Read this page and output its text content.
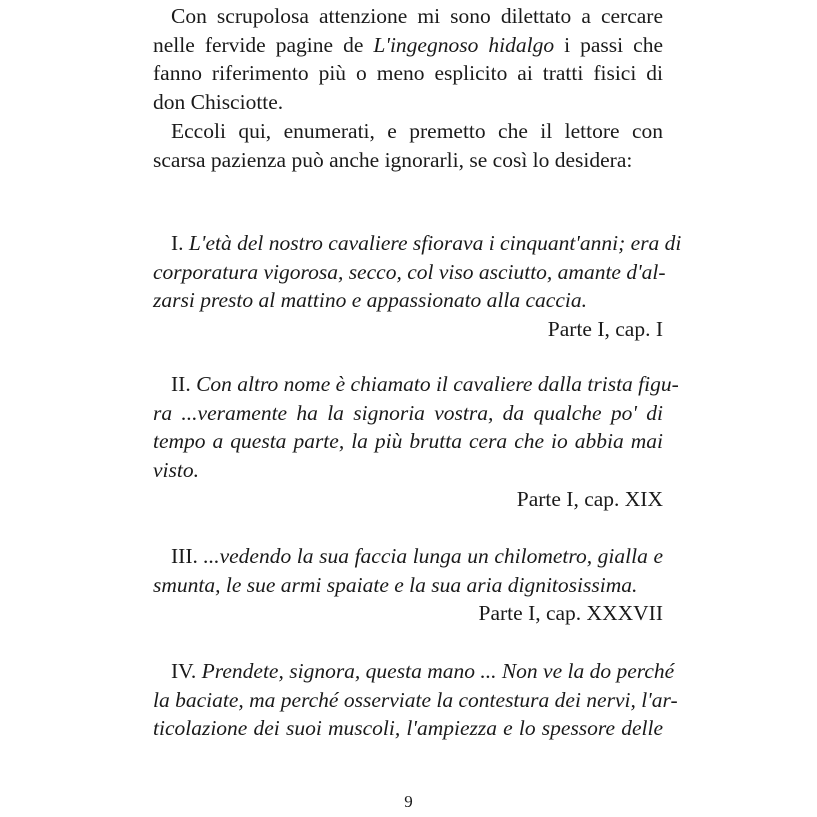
Con scrupolosa attenzione mi sono dilettato a cercare
nelle fervide pagine de L'ingegnoso hidalgo i passi che
fanno riferimento più o meno esplicito ai tratti fisici di
don Chisciotte.
Eccoli qui, enumerati, e premetto che il lettore con
scarsa pazienza può anche ignorarli, se così lo desidera:
I. L'età del nostro cavaliere sfiorava i cinquant'anni; era di
corporatura vigorosa, secco, col viso asciutto, amante d'al-
zarsi presto al mattino e appassionato alla caccia.
Parte I, cap. I
II. Con altro nome è chiamato il cavaliere dalla trista figu-
ra ...veramente ha la signoria vostra, da qualche po' di
tempo a questa parte, la più brutta cera che io abbia mai
visto.
Parte I, cap. XIX
III. ...vedendo la sua faccia lunga un chilometro, gialla e
smunta, le sue armi spaiate e la sua aria dignitosissima.
Parte I, cap. XXXVII
IV. Prendete, signora, questa mano ... Non ve la do perché
la baciate, ma perché osserviate la contestura dei nervi, l'ar-
ticolazione dei suoi muscoli, l'ampiezza e lo spessore delle
9
